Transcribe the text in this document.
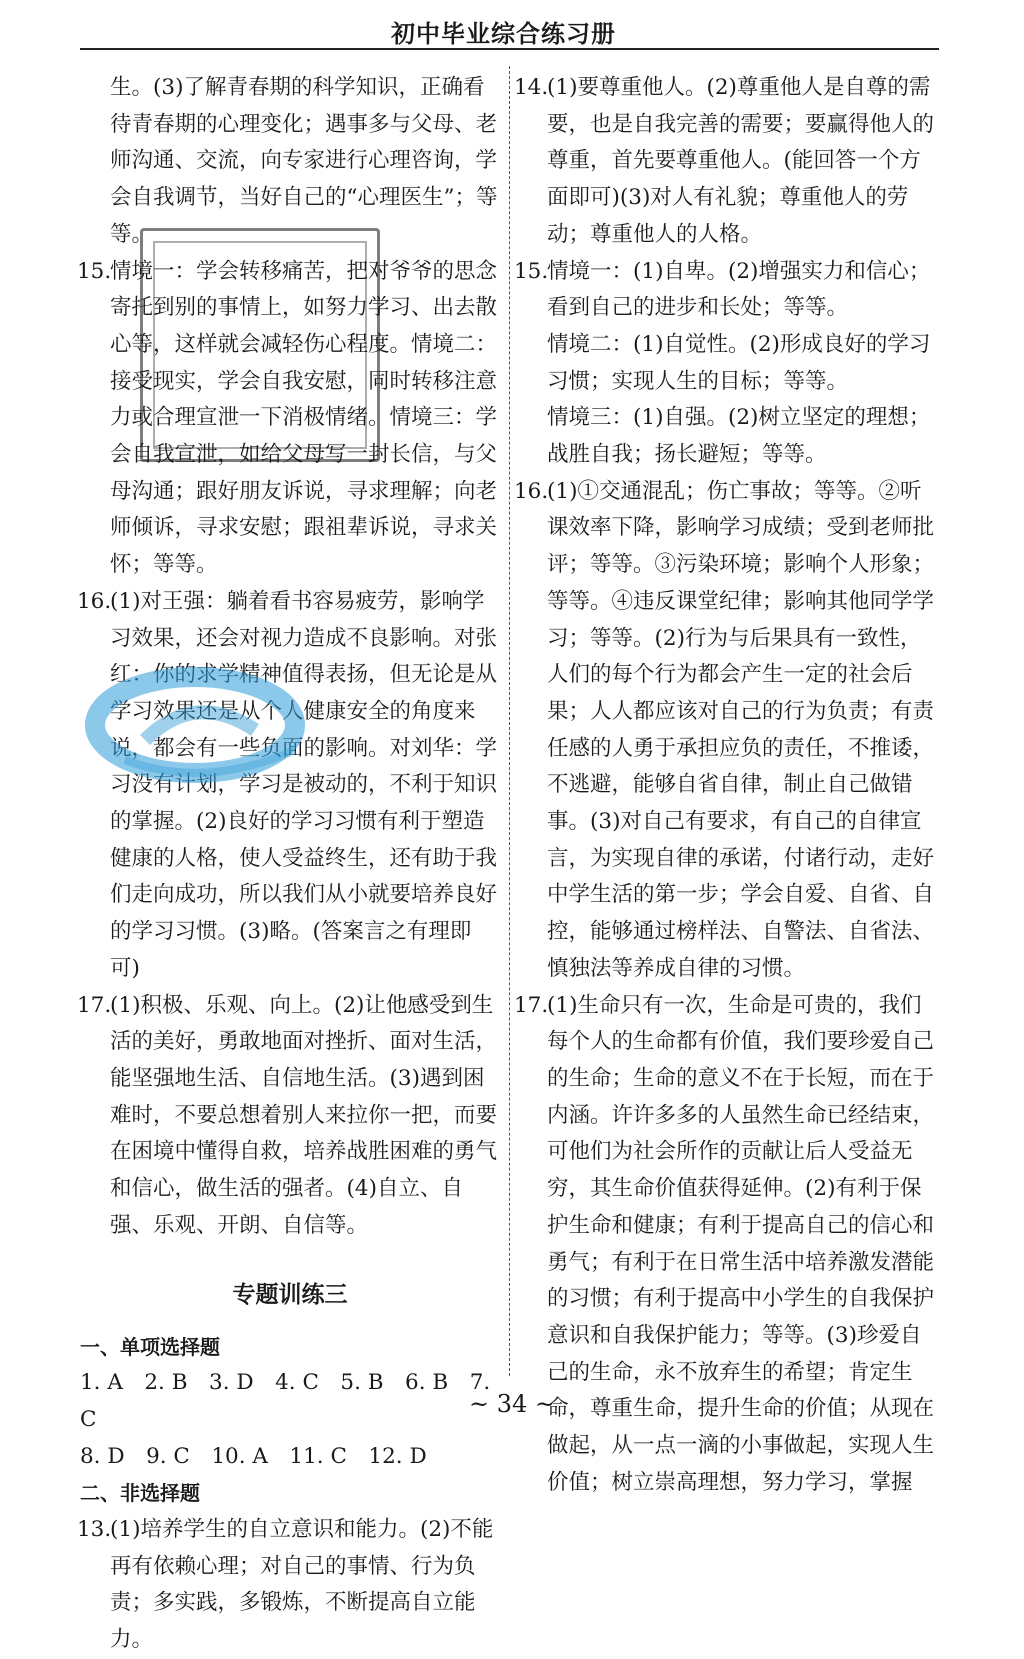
初中毕业综合练习册

生。(3)了解青春期的科学知识，正确看待青春期的心理变化；遇事多与父母、老师沟通、交流，向专家进行心理咨询，学会自我调节，当好自己的“心理医生”；等等。

15.
情境一：学会转移痛苦，把对爷爷的思念寄托到别的事情上，如努力学习、出去散心等，这样就会减轻伤心程度。情境二：接受现实，学会自我安慰，同时转移注意力或合理宣泄一下消极情绪。情境三：学会自我宣泄，如给父母写一封长信，与父母沟通；跟好朋友诉说，寻求理解；向老师倾诉，寻求安慰；跟祖辈诉说，寻求关怀；等等。

16.
(1)对王强：躺着看书容易疲劳，影响学习效果，还会对视力造成不良影响。对张红：你的求学精神值得表扬，但无论是从学习效果还是从个人健康安全的角度来说，都会有一些负面的影响。对刘华：学习没有计划，学习是被动的，不利于知识的掌握。(2)良好的学习习惯有利于塑造健康的人格，使人受益终生，还有助于我们走向成功，所以我们从小就要培养良好的学习习惯。(3)略。(答案言之有理即可)

17.
(1)积极、乐观、向上。(2)让他感受到生活的美好，勇敢地面对挫折、面对生活，能坚强地生活、自信地生活。(3)遇到困难时，不要总想着别人来拉你一把，而要在困境中懂得自救，培养战胜困难的勇气和信心，做生活的强者。(4)自立、自强、乐观、开朗、自信等。

专题训练三
一、单项选择题
1. A　2. B　3. D　4. C　5. B　6. B　7. C
8. D　9. C　10. A　11. C　12. D
二、非选择题

13.
(1)培养学生的自立意识和能力。(2)不能再有依赖心理；对自己的事情、行为负责；多实践，多锻炼，不断提高自立能力。

14.
(1)要尊重他人。(2)尊重他人是自尊的需要，也是自我完善的需要；要赢得他人的尊重，首先要尊重他人。(能回答一个方面即可)(3)对人有礼貌；尊重他人的劳动；尊重他人的人格。

15.
情境一：(1)自卑。(2)增强实力和信心；看到自己的进步和长处；等等。

情境二：(1)自觉性。(2)形成良好的学习习惯；实现人生的目标；等等。

情境三：(1)自强。(2)树立坚定的理想；战胜自我；扬长避短；等等。

16.
(1)①交通混乱；伤亡事故；等等。②听课效率下降，影响学习成绩；受到老师批评；等等。③污染环境；影响个人形象；等等。④违反课堂纪律；影响其他同学学习；等等。(2)行为与后果具有一致性，人们的每个行为都会产生一定的社会后果；人人都应该对自己的行为负责；有责任感的人勇于承担应负的责任，不推诿，不逃避，能够自省自律，制止自己做错事。(3)对自己有要求，有自己的自律宣言，为实现自律的承诺，付诸行动，走好中学生活的第一步；学会自爱、自省、自控，能够通过榜样法、自警法、自省法、慎独法等养成自律的习惯。

17.
(1)生命只有一次，生命是可贵的，我们每个人的生命都有价值，我们要珍爱自己的生命；生命的意义不在于长短，而在于内涵。许许多多的人虽然生命已经结束，可他们为社会所作的贡献让后人受益无穷，其生命价值获得延伸。(2)有利于保护生命和健康；有利于提高自己的信心和勇气；有利于在日常生活中培养激发潜能的习惯；有利于提高中小学生的自我保护意识和自我保护能力；等等。(3)珍爱自己的生命，永不放弃生的希望；肯定生命，尊重生命，提升生命的价值；从现在做起，从一点一滴的小事做起，实现人生价值；树立崇高理想，努力学习，掌握

~ 34 ~
